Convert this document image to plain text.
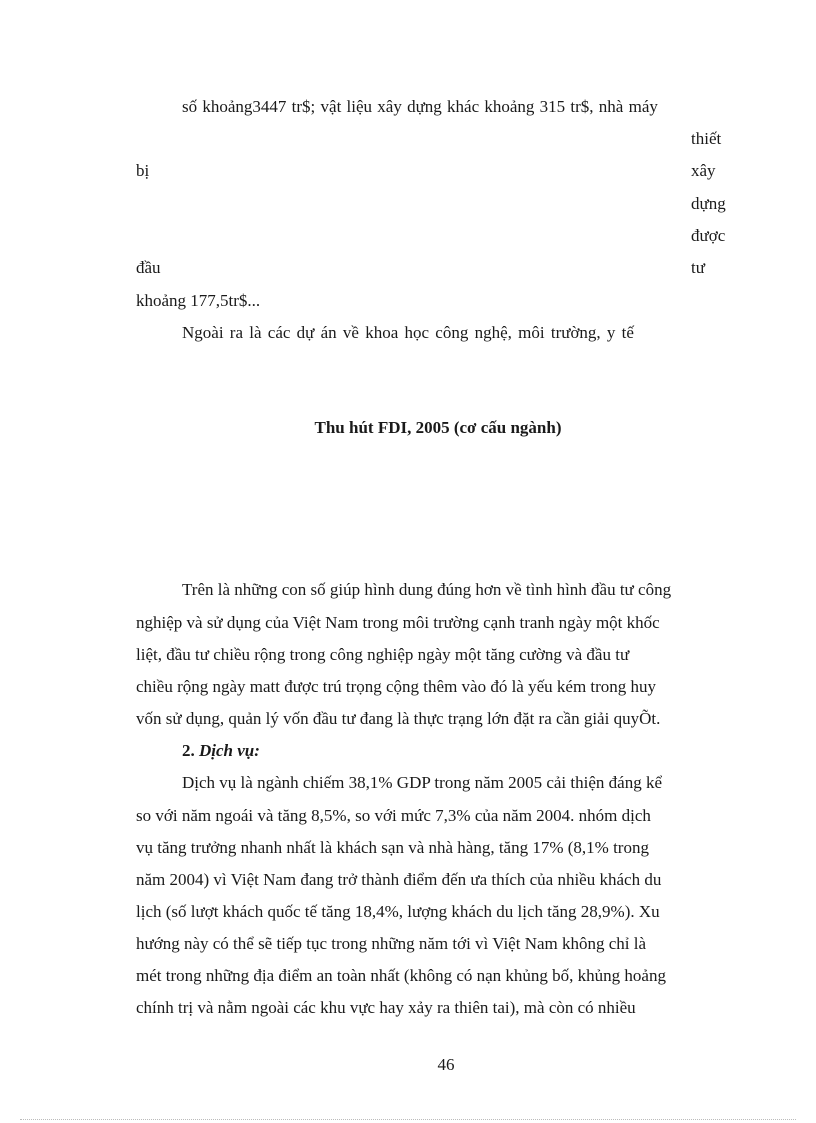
số khoảng3447 tr$; vật liệu xây dựng khác khoảng 315 tr$, nhà máy
thiết
bị	xây
dựng
được
đầu	tư
khoảng 177,5tr$...
Ngoài ra là các dự án về khoa học công nghệ, môi trường, y tế
Thu hút FDI, 2005 (cơ cấu ngành)
Trên là những con số giúp hình dung đúng hơn về tình hình đầu tư công
nghiệp và sử dụng của Việt Nam trong môi trường cạnh tranh ngày một khốc
liệt, đầu tư chiều rộng trong công nghiệp ngày một tăng cường và đầu tư
chiều rộng ngày matt được trú trọng cộng thêm vào đó là yếu kém trong huy
vốn sử dụng, quản lý vốn đầu tư đang là thực trạng lớn đặt ra cần giải quyÕt.
2. Dịch vụ:
Dịch vụ là ngành chiếm 38,1% GDP trong năm 2005 cải thiện đáng kể
so với năm ngoái và tăng 8,5%, so với mức 7,3% của năm 2004. nhóm dịch
vụ tăng trưởng nhanh nhất là khách sạn và nhà hàng, tăng 17% (8,1% trong
năm 2004) vì Việt Nam đang trở thành điểm đến ưa thích của nhiều khách du
lịch (số lượt khách quốc tế tăng 18,4%, lượng khách du lịch tăng 28,9%). Xu
hướng này có thể sẽ tiếp tục trong những năm tới vì Việt Nam không chỉ là
mét trong những địa điểm an toàn nhất (không có nạn khủng bố, khủng hoảng
chính trị và nằm ngoài các khu vực hay xảy ra thiên tai), mà còn có nhiều
46
